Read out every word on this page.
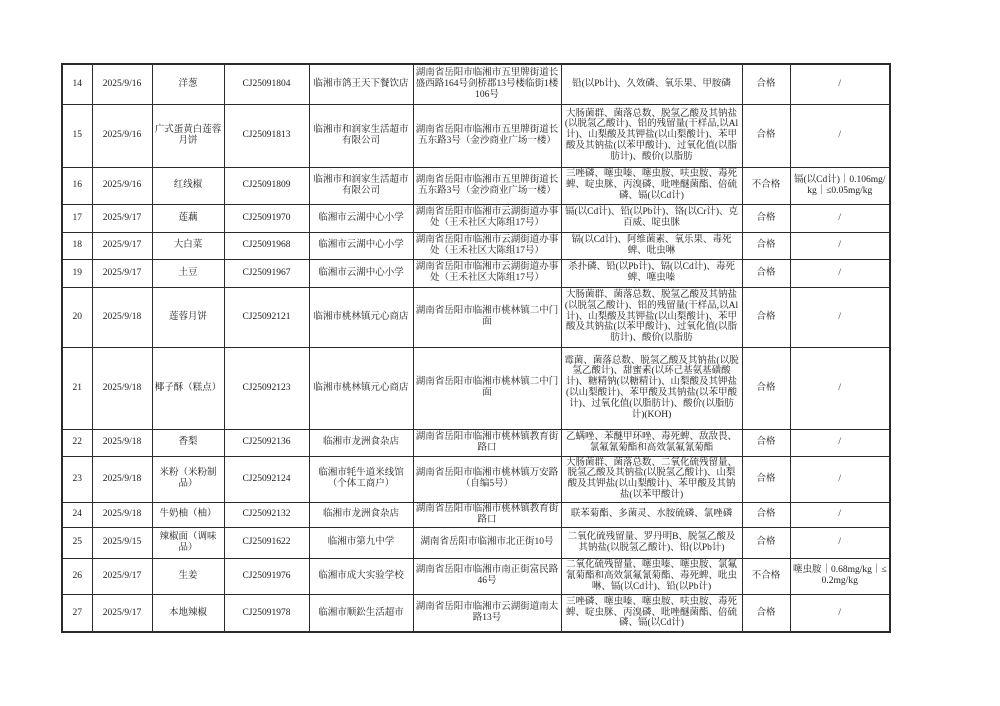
14	2025/9/16	洋葱	CJ25091804	临湘市鸽王天下餐饮店	湖南省岳阳市临湘市五里牌街道长盛西路164号剑桥郡13号楼临街1楼106号	铅(以Pb计)、久效磷、氧乐果、甲胺磷	合格	/
15	2025/9/16	广式蛋黄白莲蓉月饼	CJ25091813	临湘市和润家生活超市有限公司	湖南省岳阳市临湘市五里牌街道长五东路3号（金沙商业广场一楼）	大肠菌群、菌落总数、脱氢乙酸及其钠盐(以脱氢乙酸计)、铝的残留量(干样品,以Al计)、山梨酸及其钾盐(以山梨酸计)、苯甲酸及其钠盐(以苯甲酸计)、过氧化值(以脂肪计)、酸价(以脂肪	合格	/
16	2025/9/16	红线椒	CJ25091809	临湘市和润家生活超市有限公司	湖南省岳阳市临湘市五里牌街道长五东路3号（金沙商业广场一楼）	三唑磷、噻虫嗪、噻虫胺、呋虫胺、毒死蜱、啶虫脒、丙溴磷、吡唑醚菌酯、倍硫磷、镉(以Cd计)	不合格	镉(以Cd计)｜0.106mg/kg｜≤0.05mg/kg
17	2025/9/17	莲藕	CJ25091970	临湘市云湖中心小学	湖南省岳阳市临湘市云湖街道办事处（王禾社区大陈组17号）	镉(以Cd计)、铅(以Pb计)、铬(以Cr计)、克百威、啶虫脒	合格	/
18	2025/9/17	大白菜	CJ25091968	临湘市云湖中心小学	湖南省岳阳市临湘市云湖街道办事处（王禾社区大陈组17号）	镉(以Cd计)、阿维菌素、氧乐果、毒死蜱、吡虫啉	合格	/
19	2025/9/17	土豆	CJ25091967	临湘市云湖中心小学	湖南省岳阳市临湘市云湖街道办事处（王禾社区大陈组17号）	杀扑磷、铅(以Pb计)、镉(以Cd计)、毒死蜱、噻虫嗪	合格	/
20	2025/9/18	莲蓉月饼	CJ25092121	临湘市桃林镇元心商店	湖南省岳阳市临湘市桃林镇二中门面	大肠菌群、菌落总数、脱氢乙酸及其钠盐(以脱氢乙酸计)、铝的残留量(干样品,以Al计)、山梨酸及其钾盐(以山梨酸计)、苯甲酸及其钠盐(以苯甲酸计)、过氧化值(以脂肪计)、酸价(以脂肪	合格	/
21	2025/9/18	椰子酥（糕点）	CJ25092123	临湘市桃林镇元心商店	湖南省岳阳市临湘市桃林镇二中门面	霉菌、菌落总数、脱氢乙酸及其钠盐(以脱氢乙酸计)、甜蜜素(以环己基氨基磺酸计)、糖精钠(以糖精计)、山梨酸及其钾盐(以山梨酸计)、苯甲酸及其钠盐(以苯甲酸计)、过氧化值(以脂肪计)、酸价(以脂肪计)(KOH)	合格	/
22	2025/9/18	香梨	CJ25092136	临湘市龙洲食杂店	湖南省岳阳市临湘市桃林镇教育街路口	乙螨唑、苯醚甲环唑、毒死蜱、敌敌畏、氯氟氰菊酯和高效氯氟氰菊酯	合格	/
23	2025/9/18	米粉（米粉制品）	CJ25092124	临湘市牦牛道米线馆（个体工商户）	湖南省岳阳市临湘市桃林镇万安路（自编5号）	大肠菌群、菌落总数、二氧化硫残留量、脱氢乙酸及其钠盐(以脱氢乙酸计)、山梨酸及其钾盐(以山梨酸计)、苯甲酸及其钠盐(以苯甲酸计)	合格	/
24	2025/9/18	牛奶柚（柚）	CJ25092132	临湘市龙洲食杂店	湖南省岳阳市临湘市桃林镇教育街路口	联苯菊酯、多菌灵、水胺硫磷、氯唑磷	合格	/
25	2025/9/15	辣椒面（调味品）	CJ25091622	临湘市第九中学	湖南省岳阳市临湘市北正街10号	二氧化硫残留量、罗丹明B、脱氢乙酸及其钠盐(以脱氢乙酸计)、铅(以Pb计)	合格	/
26	2025/9/17	生姜	CJ25091976	临湘市成大实验学校	湖南省岳阳市临湘市南正街富民路46号	二氧化硫残留量、噻虫嗪、噻虫胺、氯氟氰菊酯和高效氯氟氰菊酯、毒死蜱、吡虫啉、镉(以Cd计)、铅(以Pb计)	不合格	噻虫胺｜0.68mg/kg｜≤0.2mg/kg
27	2025/9/17	本地辣椒	CJ25091978	临湘市顺鈆生活超市	湖南省岳阳市临湘市云湖街道南太路13号	三唑磷、噻虫嗪、噻虫胺、呋虫胺、毒死蜱、啶虫脒、丙溴磷、吡唑醚菌酯、倍硫磷、镉(以Cd计)	合格	/
